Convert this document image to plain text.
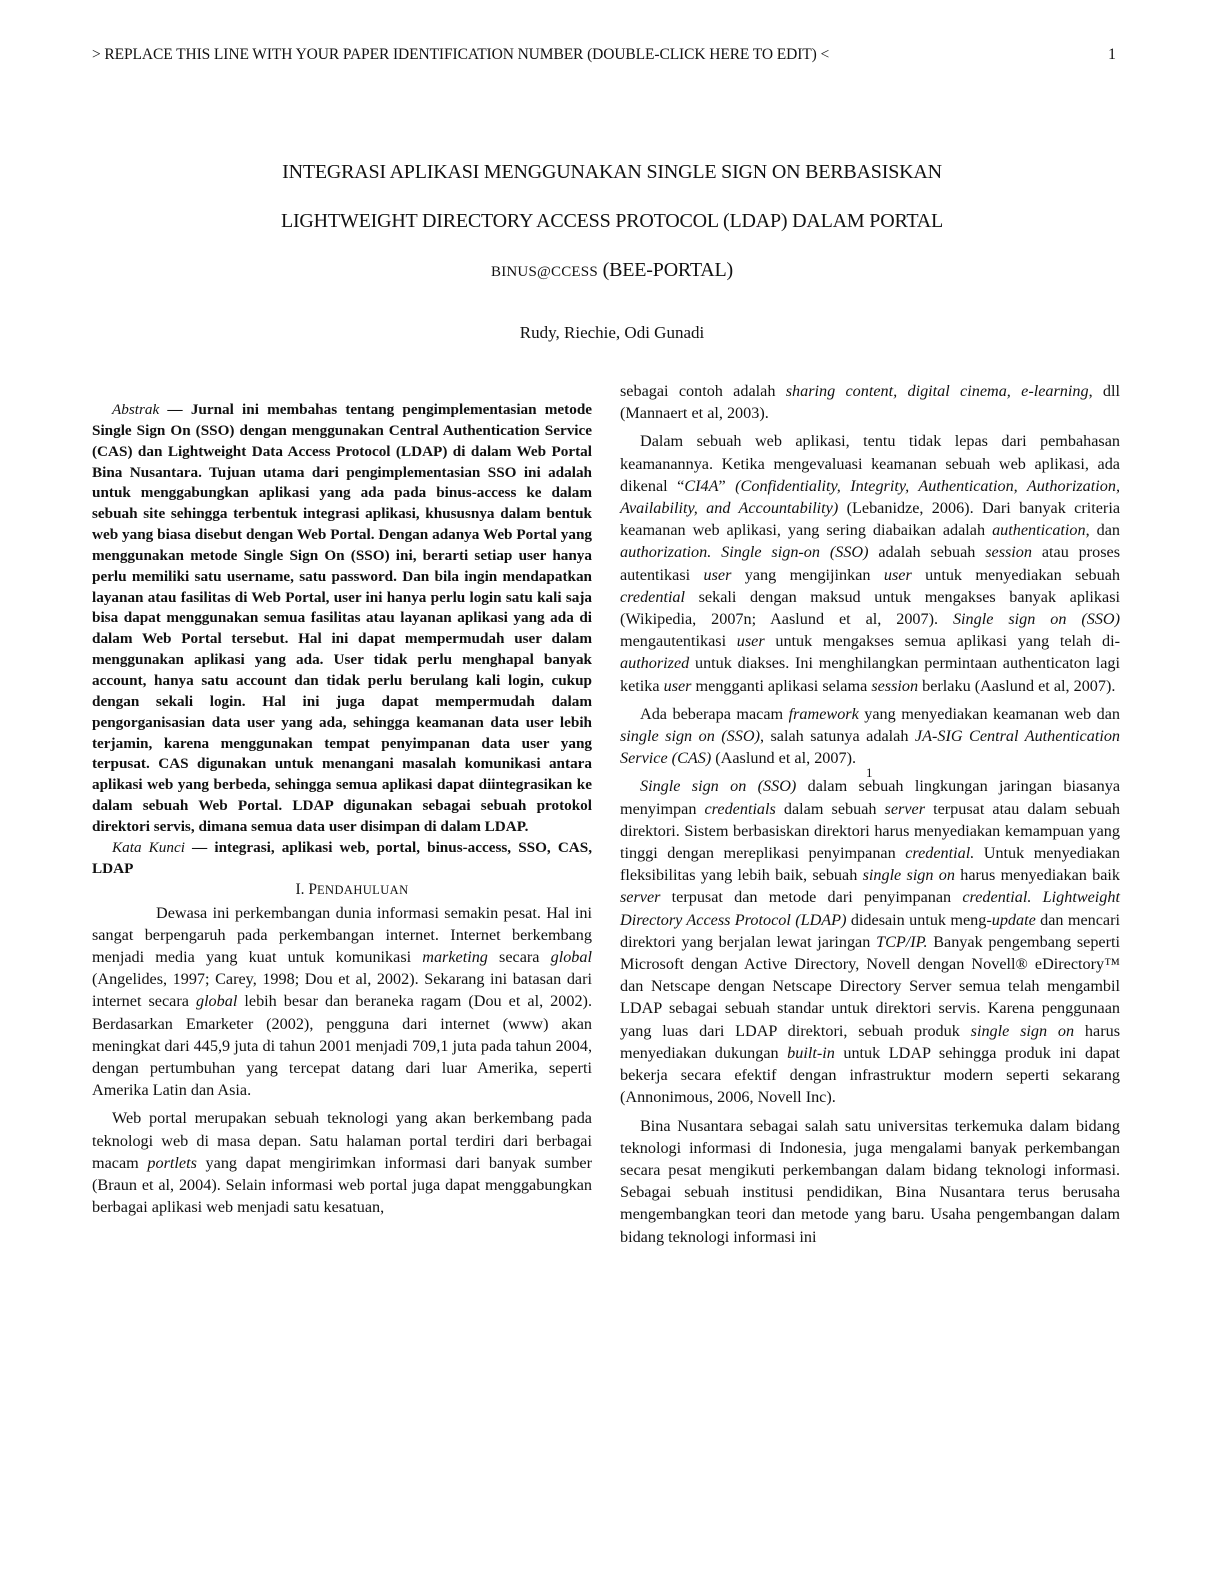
> REPLACE THIS LINE WITH YOUR PAPER IDENTIFICATION NUMBER (DOUBLE-CLICK HERE TO EDIT) <	1
INTEGRASI APLIKASI MENGGUNAKAN SINGLE SIGN ON BERBASISKAN
LIGHTWEIGHT DIRECTORY ACCESS PROTOCOL (LDAP) DALAM PORTAL
BINUS@CCESS (BEE-PORTAL)
Rudy, Riechie, Odi Gunadi

Abstrak — Jurnal ini membahas tentang pengimplementasian metode Single Sign On (SSO) dengan menggunakan Central Authentication Service (CAS) dan Lightweight Data Access Protocol (LDAP) di dalam Web Portal Bina Nusantara. Tujuan utama dari pengimplementasian SSO ini adalah untuk menggabungkan aplikasi yang ada pada binus-access ke dalam sebuah site sehingga terbentuk integrasi aplikasi, khususnya dalam bentuk web yang biasa disebut dengan Web Portal. Dengan adanya Web Portal yang menggunakan metode Single Sign On (SSO) ini, berarti setiap user hanya perlu memiliki satu username, satu password. Dan bila ingin mendapatkan layanan atau fasilitas di Web Portal, user ini hanya perlu login satu kali saja bisa dapat menggunakan semua fasilitas atau layanan aplikasi yang ada di dalam Web Portal tersebut. Hal ini dapat mempermudah user dalam menggunakan aplikasi yang ada. User tidak perlu menghapal banyak account, hanya satu account dan tidak perlu berulang kali login, cukup dengan sekali login. Hal ini juga dapat mempermudah dalam pengorganisasian data user yang ada, sehingga keamanan data user lebih terjamin, karena menggunakan tempat penyimpanan data user yang terpusat. CAS digunakan untuk menangani masalah komunikasi antara aplikasi web yang berbeda, sehingga semua aplikasi dapat diintegrasikan ke dalam sebuah Web Portal. LDAP digunakan sebagai sebuah protokol direktori servis, dimana semua data user disimpan di dalam LDAP.

Kata Kunci — integrasi, aplikasi web, portal, binus-access, SSO, CAS, LDAP

I. PENDAHULUAN

Dewasa ini perkembangan dunia informasi semakin pesat. Hal ini sangat berpengaruh pada perkembangan internet. Internet berkembang menjadi media yang kuat untuk komunikasi marketing secara global (Angelides, 1997; Carey, 1998; Dou et al, 2002). Sekarang ini batasan dari internet secara global lebih besar dan beraneka ragam (Dou et al, 2002). Berdasarkan Emarketer (2002), pengguna dari internet (www) akan meningkat dari 445,9 juta di tahun 2001 menjadi 709,1 juta pada tahun 2004, dengan pertumbuhan yang tercepat datang dari luar Amerika, seperti Amerika Latin dan Asia.

Web portal merupakan sebuah teknologi yang akan berkembang pada teknologi web di masa depan. Satu halaman portal terdiri dari berbagai macam portlets yang dapat mengirimkan informasi dari banyak sumber (Braun et al, 2004). Selain informasi web portal juga dapat menggabungkan berbagai aplikasi web menjadi satu kesatuan,

sebagai contoh adalah sharing content, digital cinema, e-learning, dll (Mannaert et al, 2003).

Dalam sebuah web aplikasi, tentu tidak lepas dari pembahasan keamanannya. Ketika mengevaluasi keamanan sebuah web aplikasi, ada dikenal “CI4A” (Confidentiality, Integrity, Authentication, Authorization, Availability, and Accountability) (Lebanidze, 2006). Dari banyak criteria keamanan web aplikasi, yang sering diabaikan adalah authentication, dan authorization. Single sign-on (SSO) adalah sebuah session atau proses autentikasi user yang mengijinkan user untuk menyediakan sebuah credential sekali dengan maksud untuk mengakses banyak aplikasi (Wikipedia, 2007n; Aaslund et al, 2007). Single sign on (SSO) mengautentikasi user untuk mengakses semua aplikasi yang telah di-authorized untuk diakses. Ini menghilangkan permintaan authenticaton lagi ketika user mengganti aplikasi selama session berlaku (Aaslund et al, 2007).

Ada beberapa macam framework yang menyediakan keamanan web dan single sign on (SSO), salah satunya adalah JA-SIG Central Authentication Service (CAS) (Aaslund et al, 2007).

Single sign on (SSO) dalam sebuah lingkungan jaringan biasanya menyimpan credentials dalam sebuah server terpusat atau dalam sebuah direktori. Sistem berbasiskan direktori harus menyediakan kemampuan yang tinggi dengan mereplikasi penyimpanan credential. Untuk menyediakan fleksibilitas yang lebih baik, sebuah single sign on harus menyediakan baik server terpusat dan metode dari penyimpanan credential. Lightweight Directory Access Protocol (LDAP) didesain untuk meng-update dan mencari direktori yang berjalan lewat jaringan TCP/IP. Banyak pengembang seperti Microsoft dengan Active Directory, Novell dengan Novell® eDirectory™ dan Netscape dengan Netscape Directory Server semua telah mengambil LDAP sebagai sebuah standar untuk direktori servis. Karena penggunaan yang luas dari LDAP direktori, sebuah produk single sign on harus menyediakan dukungan built-in untuk LDAP sehingga produk ini dapat bekerja secara efektif dengan infrastruktur modern seperti sekarang (Annonimous, 2006, Novell Inc).

Bina Nusantara sebagai salah satu universitas terkemuka dalam bidang teknologi informasi di Indonesia, juga mengalami banyak perkembangan secara pesat mengikuti perkembangan dalam bidang teknologi informasi. Sebagai sebuah institusi pendidikan, Bina Nusantara terus berusaha mengembangkan teori dan metode yang baru. Usaha pengembangan dalam bidang teknologi informasi ini

1
